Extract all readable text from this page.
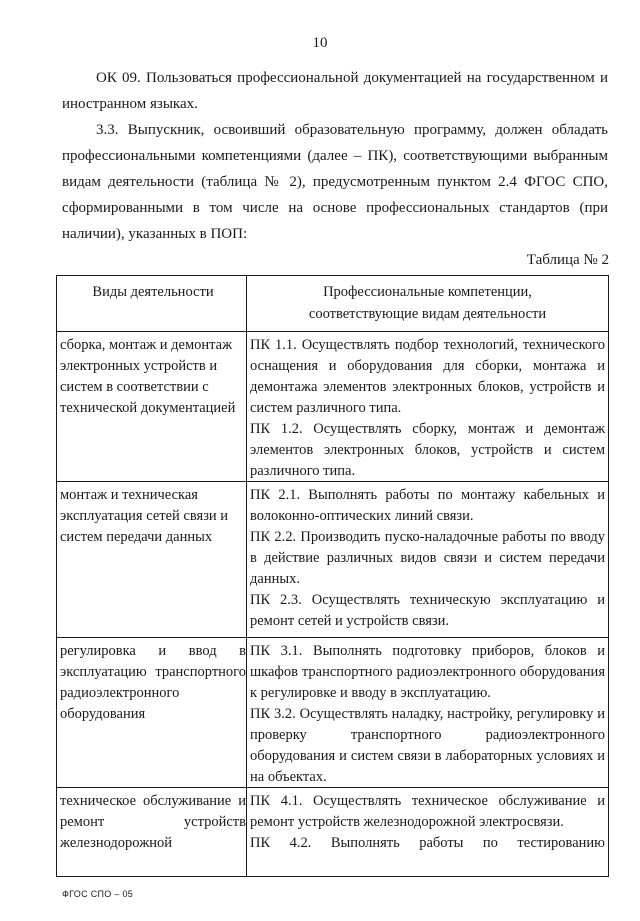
10

ОК 09. Пользоваться профессиональной документацией на государственном и иностранном языках.

3.3. Выпускник, освоивший образовательную программу, должен обладать профессиональными компетенциями (далее – ПК), соответствующими выбранным видам деятельности (таблица № 2), предусмотренным пунктом 2.4 ФГОС СПО, сформированными в том числе на основе профессиональных стандартов (при наличии), указанных в ПОП:

Таблица № 2
Виды деятельности	Профессиональные компетенции, соответствующие видам деятельности
сборка, монтаж и демонтаж электронных устройств и систем в соответствии с технической документацией

ПК 1.1. Осуществлять подбор технологий, технического оснащения и оборудования для сборки, монтажа и демонтажа элементов электронных блоков, устройств и систем различного типа.

ПК 1.2. Осуществлять сборку, монтаж и демонтаж элементов электронных блоков, устройств и систем различного типа.

монтаж и техническая эксплуатация сетей связи и систем передачи данных

ПК 2.1. Выполнять работы по монтажу кабельных и волоконно-оптических линий связи.

ПК 2.2. Производить пуско-наладочные работы по вводу в действие различных видов связи и систем передачи данных.

ПК 2.3. Осуществлять техническую эксплуатацию и ремонт сетей и устройств связи.

регулировка и ввод в эксплуатацию транспортного радиоэлектронного оборудования

ПК 3.1. Выполнять подготовку приборов, блоков и шкафов транспортного радиоэлектронного оборудования к регулировке и вводу в эксплуатацию.

ПК 3.2. Осуществлять наладку, настройку, регулировку и проверку транспортного радиоэлектронного оборудования и систем связи в лабораторных условиях и на объектах.

техническое обслуживание и ремонт устройств железнодорожной

ПК 4.1. Осуществлять техническое обслуживание и ремонт устройств железнодорожной электросвязи.

ПК 4.2. Выполнять работы по тестированию

ФГОС СПО – 05
